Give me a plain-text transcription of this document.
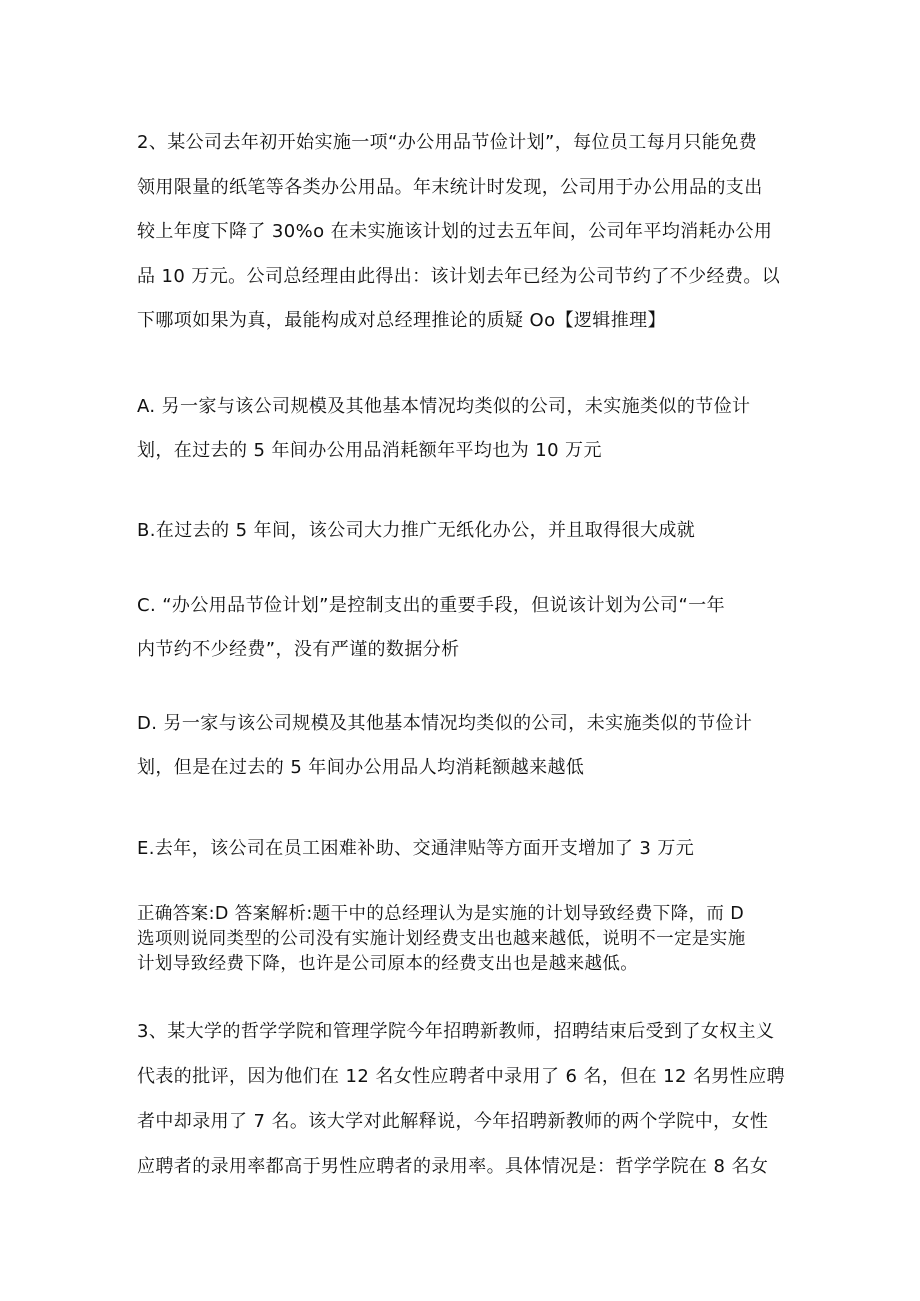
2、某公司去年初开始实施一项“办公用品节俭计划”，每位员工每月只能免费
领用限量的纸笔等各类办公用品。年末统计时发现，公司用于办公用品的支出
较上年度下降了 30%o 在未实施该计划的过去五年间，公司年平均消耗办公用
品 10 万元。公司总经理由此得出：该计划去年已经为公司节约了不少经费。以
下哪项如果为真，最能构成对总经理推论的质疑 Oo【逻辑推理】

A. 另一家与该公司规模及其他基本情况均类似的公司，未实施类似的节俭计
划，在过去的 5 年间办公用品消耗额年平均也为 10 万元

B.在过去的 5 年间，该公司大力推广无纸化办公，并且取得很大成就

C. “办公用品节俭计划”是控制支出的重要手段，但说该计划为公司“一年
内节约不少经费”，没有严谨的数据分析

D. 另一家与该公司规模及其他基本情况均类似的公司，未实施类似的节俭计
划，但是在过去的 5 年间办公用品人均消耗额越来越低

E.去年，该公司在员工困难补助、交通津贴等方面开支增加了 3 万元

正确答案:D 答案解析:题干中的总经理认为是实施的计划导致经费下降，而 D
选项则说同类型的公司没有实施计划经费支出也越来越低，说明不一定是实施
计划导致经费下降，也许是公司原本的经费支出也是越来越低。

3、某大学的哲学学院和管理学院今年招聘新教师，招聘结束后受到了女权主义
代表的批评，因为他们在 12 名女性应聘者中录用了 6 名，但在 12 名男性应聘
者中却录用了 7 名。该大学对此解释说，今年招聘新教师的两个学院中，女性
应聘者的录用率都高于男性应聘者的录用率。具体情况是：哲学学院在 8 名女
